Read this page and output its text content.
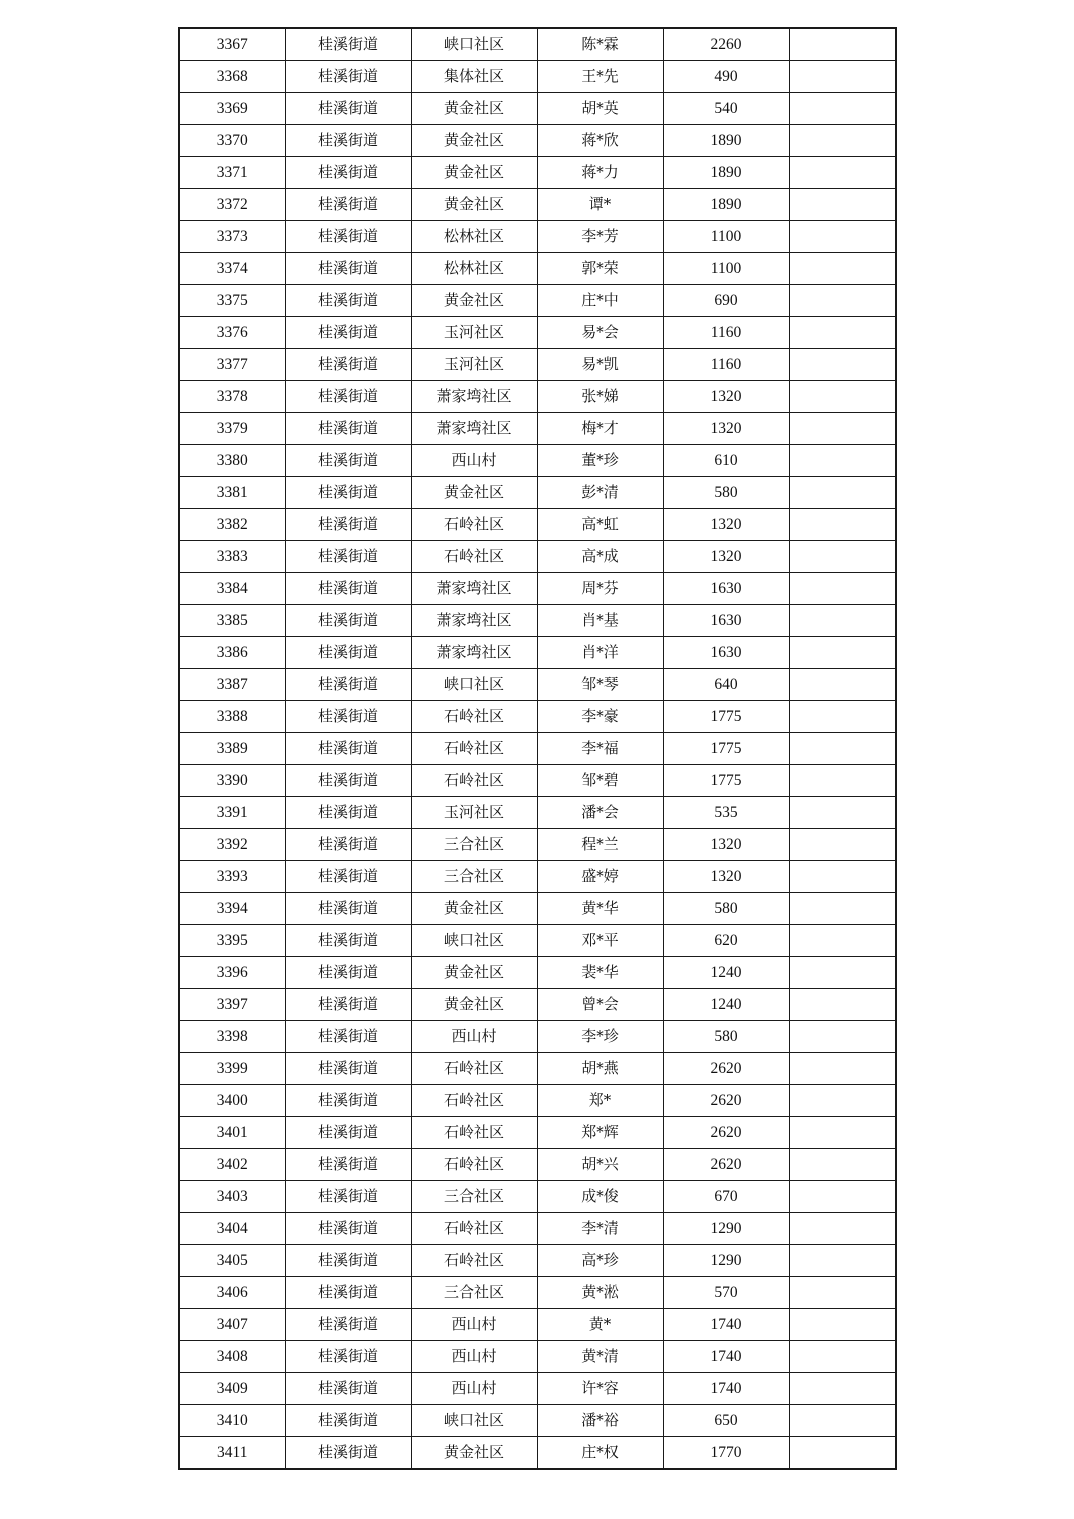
3367	桂溪街道	峡口社区	陈*霖	2260	
3368	桂溪街道	集体社区	王*先	490	
3369	桂溪街道	黄金社区	胡*英	540	
3370	桂溪街道	黄金社区	蒋*欣	1890	
3371	桂溪街道	黄金社区	蒋*力	1890	
3372	桂溪街道	黄金社区	谭*	1890	
3373	桂溪街道	松林社区	李*芳	1100	
3374	桂溪街道	松林社区	郭*荣	1100	
3375	桂溪街道	黄金社区	庄*中	690	
3376	桂溪街道	玉河社区	易*会	1160	
3377	桂溪街道	玉河社区	易*凯	1160	
3378	桂溪街道	萧家塆社区	张*娣	1320	
3379	桂溪街道	萧家塆社区	梅*才	1320	
3380	桂溪街道	西山村	董*珍	610	
3381	桂溪街道	黄金社区	彭*清	580	
3382	桂溪街道	石岭社区	高*虹	1320	
3383	桂溪街道	石岭社区	高*成	1320	
3384	桂溪街道	萧家塆社区	周*芬	1630	
3385	桂溪街道	萧家塆社区	肖*基	1630	
3386	桂溪街道	萧家塆社区	肖*洋	1630	
3387	桂溪街道	峡口社区	邹*琴	640	
3388	桂溪街道	石岭社区	李*豪	1775	
3389	桂溪街道	石岭社区	李*福	1775	
3390	桂溪街道	石岭社区	邹*碧	1775	
3391	桂溪街道	玉河社区	潘*会	535	
3392	桂溪街道	三合社区	程*兰	1320	
3393	桂溪街道	三合社区	盛*婷	1320	
3394	桂溪街道	黄金社区	黄*华	580	
3395	桂溪街道	峡口社区	邓*平	620	
3396	桂溪街道	黄金社区	裴*华	1240	
3397	桂溪街道	黄金社区	曾*会	1240	
3398	桂溪街道	西山村	李*珍	580	
3399	桂溪街道	石岭社区	胡*燕	2620	
3400	桂溪街道	石岭社区	郑*	2620	
3401	桂溪街道	石岭社区	郑*辉	2620	
3402	桂溪街道	石岭社区	胡*兴	2620	
3403	桂溪街道	三合社区	成*俊	670	
3404	桂溪街道	石岭社区	李*清	1290	
3405	桂溪街道	石岭社区	高*珍	1290	
3406	桂溪街道	三合社区	黄*淞	570	
3407	桂溪街道	西山村	黄*	1740	
3408	桂溪街道	西山村	黄*清	1740	
3409	桂溪街道	西山村	许*容	1740	
3410	桂溪街道	峡口社区	潘*裕	650	
3411	桂溪街道	黄金社区	庄*权	1770	
